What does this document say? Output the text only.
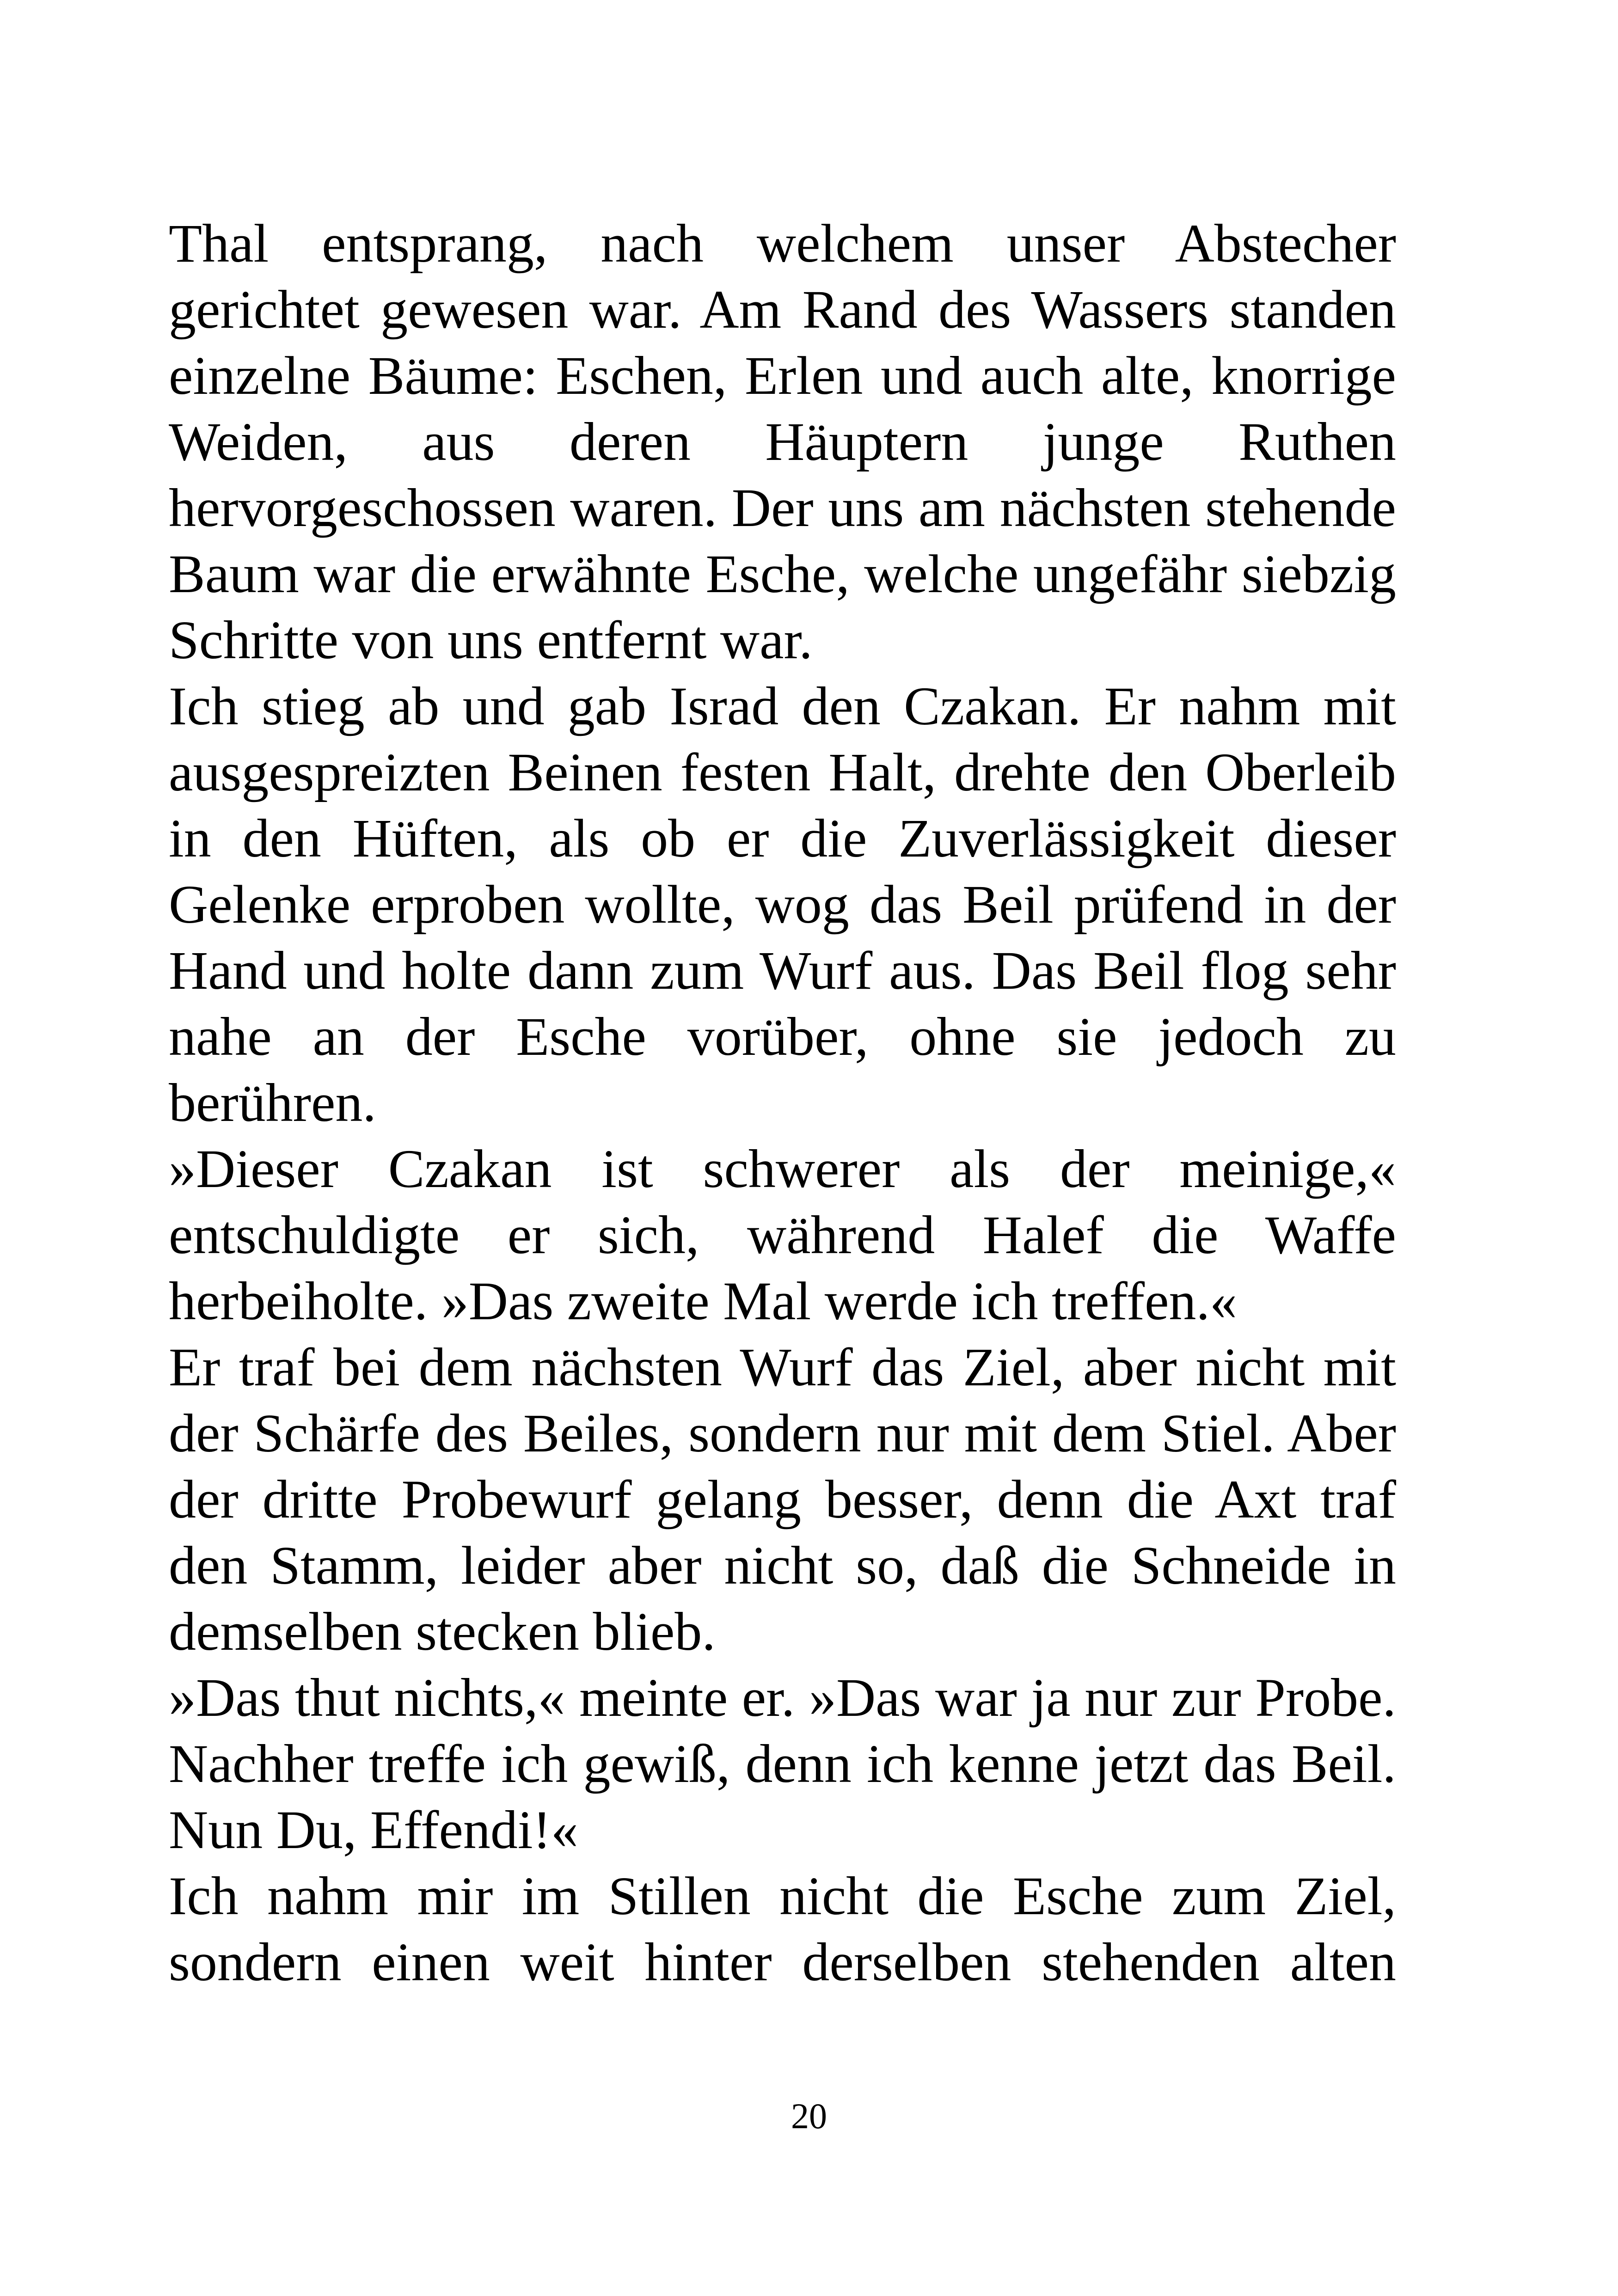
Thal entsprang, nach welchem unser Abstecher gerichtet gewesen war. Am Rand des Wassers standen einzelne Bäume: Eschen, Erlen und auch alte, knorrige Weiden, aus deren Häuptern junge Ruthen hervorgeschossen waren. Der uns am nächsten stehende Baum war die erwähnte Esche, welche ungefähr siebzig Schritte von uns entfernt war.

Ich stieg ab und gab Israd den Czakan. Er nahm mit ausgespreizten Beinen festen Halt, drehte den Oberleib in den Hüften, als ob er die Zuverlässigkeit dieser Gelenke erproben wollte, wog das Beil prüfend in der Hand und holte dann zum Wurf aus. Das Beil flog sehr nahe an der Esche vorüber, ohne sie jedoch zu berühren.

»Dieser Czakan ist schwerer als der meinige,« entschuldigte er sich, während Halef die Waffe herbeiholte. »Das zweite Mal werde ich treffen.«

Er traf bei dem nächsten Wurf das Ziel, aber nicht mit der Schärfe des Beiles, sondern nur mit dem Stiel. Aber der dritte Probewurf gelang besser, denn die Axt traf den Stamm, leider aber nicht so, daß die Schneide in demselben stecken blieb.

»Das thut nichts,« meinte er. »Das war ja nur zur Probe. Nachher treffe ich gewiß, denn ich kenne jetzt das Beil. Nun Du, Effendi!«

Ich nahm mir im Stillen nicht die Esche zum Ziel, sondern einen weit hinter derselben stehenden alten

20
